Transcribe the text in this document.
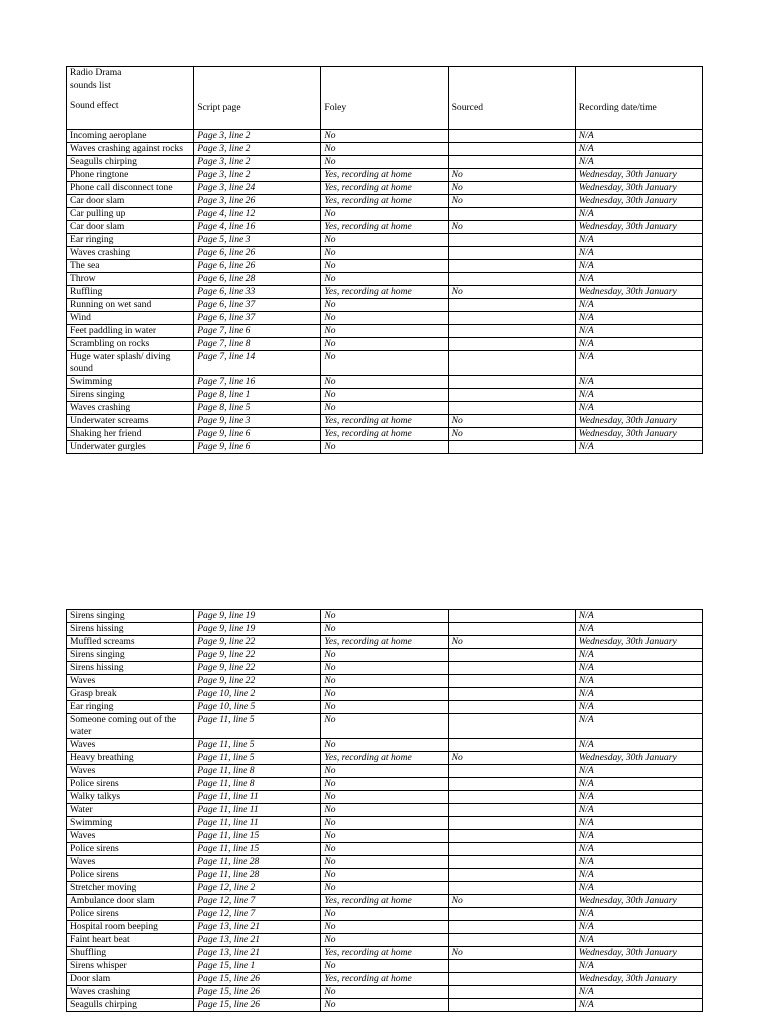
Radio Drama
sounds list
Sound effect	Script page	Foley	Sourced	Recording date/time

Incoming aeroplane	Page 3, line 2	No		N/A
Waves crashing against rocks	Page 3, line 2	No		N/A
Seagulls chirping	Page 3, line 2	No		N/A
Phone ringtone	Page 3, line 2	Yes, recording at home	No	Wednesday, 30th January
Phone call disconnect tone	Page 3, line 24	Yes, recording at home	No	Wednesday, 30th January
Car door slam	Page 3, line 26	Yes, recording at home	No	Wednesday, 30th January
Car pulling up	Page 4, line 12	No		N/A
Car door slam	Page 4, line 16	Yes, recording at home	No	Wednesday, 30th January
Ear ringing	Page 5, line 3	No		N/A
Waves crashing	Page 6, line 26	No		N/A
The sea	Page 6, line 26	No		N/A
Throw	Page 6, line 28	No		N/A
Ruffling	Page 6, line 33	Yes, recording at home	No	Wednesday, 30th January
Running on wet sand	Page 6, line 37	No		N/A
Wind	Page 6, line 37	No		N/A
Feet paddling in water	Page 7, line 6	No		N/A
Scrambling on rocks	Page 7, line 8	No		N/A
Huge water splash/ diving sound	Page 7, line 14	No		N/A
Swimming	Page 7, line 16	No		N/A
Sirens singing	Page 8, line 1	No		N/A
Waves crashing	Page 8, line 5	No		N/A
Underwater screams	Page 9, line 3	Yes, recording at home	No	Wednesday, 30th January
Shaking her friend	Page 9, line 6	Yes, recording at home	No	Wednesday, 30th January
Underwater gurgles	Page 9, line 6	No		N/A
Sirens singing	Page 9, line 19	No		N/A
Sirens hissing	Page 9, line 19	No		N/A
Muffled screams	Page 9, line 22	Yes, recording at home	No	Wednesday, 30th January
Sirens singing	Page 9, line 22	No		N/A
Sirens hissing	Page 9, line 22	No		N/A
Waves	Page 9, line 22	No		N/A
Grasp break	Page 10, line 2	No		N/A
Ear ringing	Page 10, line 5	No		N/A
Someone coming out of the water	Page 11, line 5	No		N/A
Waves	Page 11, line 5	No		N/A
Heavy breathing	Page 11, line 5	Yes, recording at home	No	Wednesday, 30th January
Waves	Page 11, line 8	No		N/A
Police sirens	Page 11, line 8	No		N/A
Walky talkys	Page 11, line 11	No		N/A
Water	Page 11, line 11	No		N/A
Swimming	Page 11, line 11	No		N/A
Waves	Page 11, line 15	No		N/A
Police sirens	Page 11, line 15	No		N/A
Waves	Page 11, line 28	No		N/A
Police sirens	Page 11, line 28	No		N/A
Stretcher moving	Page 12, line 2	No		N/A
Ambulance door slam	Page 12, line 7	Yes, recording at home	No	Wednesday, 30th January
Police sirens	Page 12, line 7	No		N/A
Hospital room beeping	Page 13, line 21	No		N/A
Faint heart beat	Page 13, line 21	No		N/A
Shuffling	Page 13, line 21	Yes, recording at home	No	Wednesday, 30th January
Sirens whisper	Page 15, line 1	No		N/A
Door slam	Page 15, line 26	Yes, recording at home		Wednesday, 30th January
Waves crashing	Page 15, line 26	No		N/A
Seagulls chirping	Page 15, line 26	No		N/A
